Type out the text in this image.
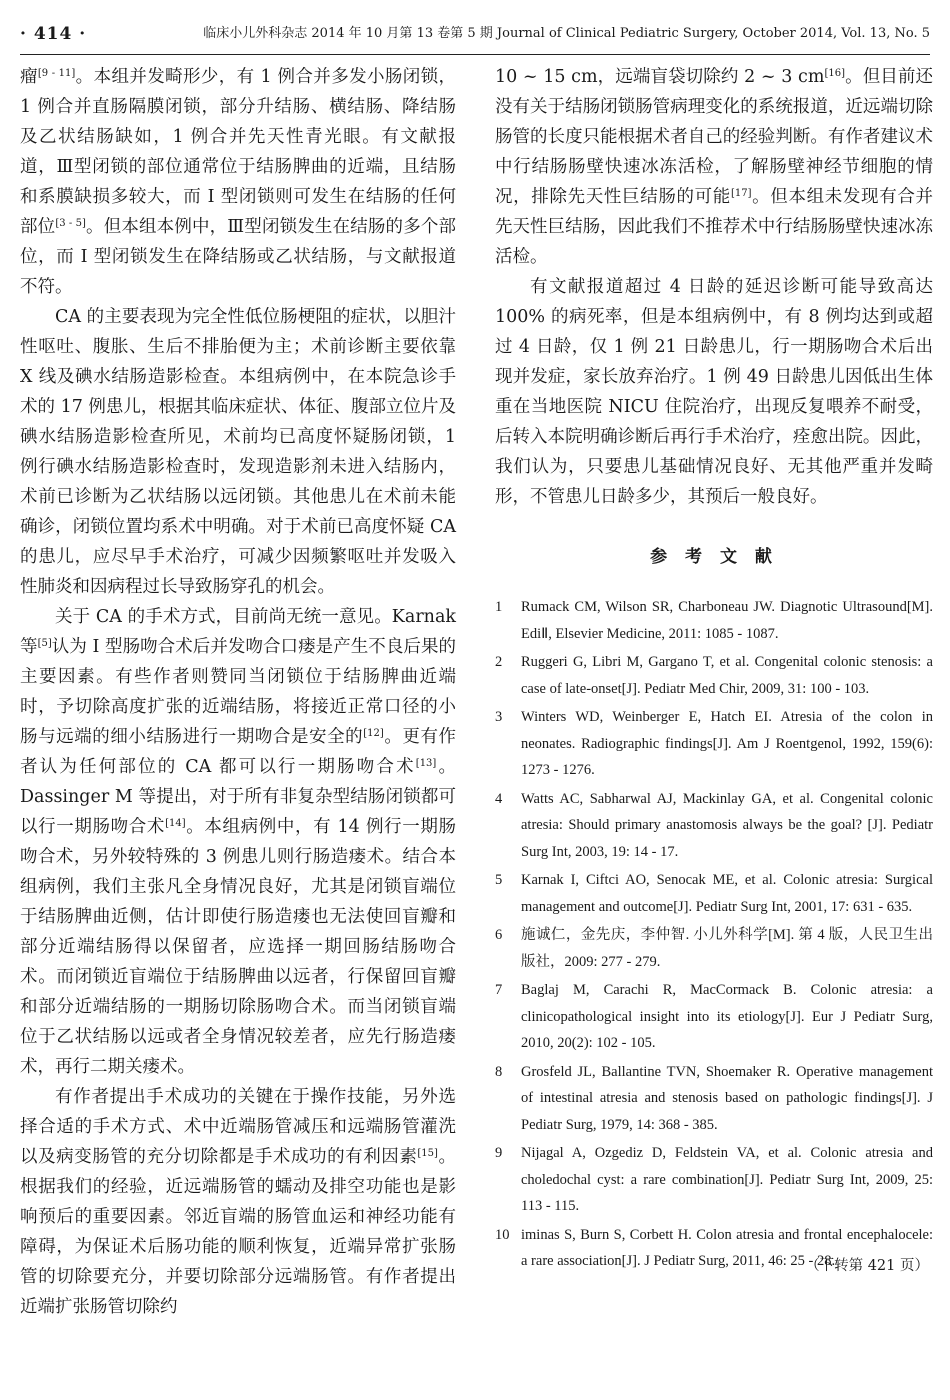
· 414 ·	临床小儿外科杂志 2014 年 10 月第 13 卷第 5 期 Journal of Clinical Pediatric Surgery, October 2014, Vol. 13, No. 5

瘤[9 - 11]。本组并发畸形少，有 1 例合并多发小肠闭锁，1 例合并直肠隔膜闭锁，部分升结肠、横结肠、降结肠及乙状结肠缺如，1 例合并先天性青光眼。有文献报道，Ⅲ型闭锁的部位通常位于结肠脾曲的近端，且结肠和系膜缺损多较大，而 I 型闭锁则可发生在结肠的任何部位[3 - 5]。但本组本例中，Ⅲ型闭锁发生在结肠的多个部位，而 I 型闭锁发生在降结肠或乙状结肠，与文献报道不符。

CA 的主要表现为完全性低位肠梗阻的症状，以胆汁性呕吐、腹胀、生后不排胎便为主；术前诊断主要依靠 X 线及碘水结肠造影检查。本组病例中，在本院急诊手术的 17 例患儿，根据其临床症状、体征、腹部立位片及碘水结肠造影检查所见，术前均已高度怀疑肠闭锁，1 例行碘水结肠造影检查时，发现造影剂未进入结肠内，术前已诊断为乙状结肠以远闭锁。其他患儿在术前未能确诊，闭锁位置均系术中明确。对于术前已高度怀疑 CA 的患儿，应尽早手术治疗，可减少因频繁呕吐并发吸入性肺炎和因病程过长导致肠穿孔的机会。

关于 CA 的手术方式，目前尚无统一意见。Karnak 等[5]认为 I 型肠吻合术后并发吻合口瘘是产生不良后果的主要因素。有些作者则赞同当闭锁位于结肠脾曲近端时，予切除高度扩张的近端结肠，将接近正常口径的小肠与远端的细小结肠进行一期吻合是安全的[12]。更有作者认为任何部位的 CA 都可以行一期肠吻合术[13]。Dassinger M 等提出，对于所有非复杂型结肠闭锁都可以行一期肠吻合术[14]。本组病例中，有 14 例行一期肠吻合术，另外较特殊的 3 例患儿则行肠造瘘术。结合本组病例，我们主张凡全身情况良好，尤其是闭锁盲端位于结肠脾曲近侧，估计即使行肠造瘘也无法使回盲瓣和部分近端结肠得以保留者，应选择一期回肠结肠吻合术。而闭锁近盲端位于结肠脾曲以远者，行保留回盲瓣和部分近端结肠的一期肠切除肠吻合术。而当闭锁盲端位于乙状结肠以远或者全身情况较差者，应先行肠造瘘术，再行二期关瘘术。

有作者提出手术成功的关键在于操作技能，另外选择合适的手术方式、术中近端肠管减压和远端肠管灌洗以及病变肠管的充分切除都是手术成功的有利因素[15]。根据我们的经验，近远端肠管的蠕动及排空功能也是影响预后的重要因素。邻近盲端的肠管血运和神经功能有障碍，为保证术后肠功能的顺利恢复，近端异常扩张肠管的切除要充分，并要切除部分远端肠管。有作者提出近端扩张肠管切除约

10 ~ 15 cm，远端盲袋切除约 2 ~ 3 cm[16]。但目前还没有关于结肠闭锁肠管病理变化的系统报道，近远端切除肠管的长度只能根据术者自己的经验判断。有作者建议术中行结肠肠壁快速冰冻活检，了解肠壁神经节细胞的情况，排除先天性巨结肠的可能[17]。但本组未发现有合并先天性巨结肠，因此我们不推荐术中行结肠肠壁快速冰冻活检。

有文献报道超过 4 日龄的延迟诊断可能导致高达 100% 的病死率，但是本组病例中，有 8 例均达到或超过 4 日龄，仅 1 例 21 日龄患儿，行一期肠吻合术后出现并发症，家长放弃治疗。1 例 49 日龄患儿因低出生体重在当地医院 NICU 住院治疗，出现反复喂养不耐受，后转入本院明确诊断后再行手术治疗，痊愈出院。因此，我们认为，只要患儿基础情况良好、无其他严重并发畸形，不管患儿日龄多少，其预后一般良好。

参 考 文 献
1	Rumack CM, Wilson SR, Charboneau JW. Diagnotic Ultrasound[M]. EdiⅡ, Elsevier Medicine, 2011: 1085 - 1087.
2	Ruggeri G, Libri M, Gargano T, et al. Congenital colonic stenosis: a case of late-onset[J]. Pediatr Med Chir, 2009, 31: 100 - 103.
3	Winters WD, Weinberger E, Hatch EI. Atresia of the colon in neonates. Radiographic findings[J]. Am J Roentgenol, 1992, 159(6): 1273 - 1276.
4	Watts AC, Sabharwal AJ, Mackinlay GA, et al. Congenital colonic atresia: Should primary anastomosis always be the goal? [J]. Pediatr Surg Int, 2003, 19: 14 - 17.
5	Karnak I, Ciftci AO, Senocak ME, et al. Colonic atresia: Surgical management and outcome[J]. Pediatr Surg Int, 2001, 17: 631 - 635.
6	施诚仁，金先庆，李仲智. 小儿外科学[M]. 第 4 版，人民卫生出版社，2009: 277 - 279.
7	Baglaj M, Carachi R, MacCormack B. Colonic atresia: a clinicopathological insight into its etiology[J]. Eur J Pediatr Surg, 2010, 20(2): 102 - 105.
8	Grosfeld JL, Ballantine TVN, Shoemaker R. Operative management of intestinal atresia and stenosis based on pathologic findings[J]. J Pediatr Surg, 1979, 14: 368 - 385.
9	Nijagal A, Ozgediz D, Feldstein VA, et al. Colonic atresia and choledochal cyst: a rare combination[J]. Pediatr Surg Int, 2009, 25: 113 - 115.
10 iminas S, Burn S, Corbett H. Colon atresia and frontal encephalocele: a rare association[J]. J Pediatr Surg, 2011, 46: 25 - 28.
（下转第 421 页）
